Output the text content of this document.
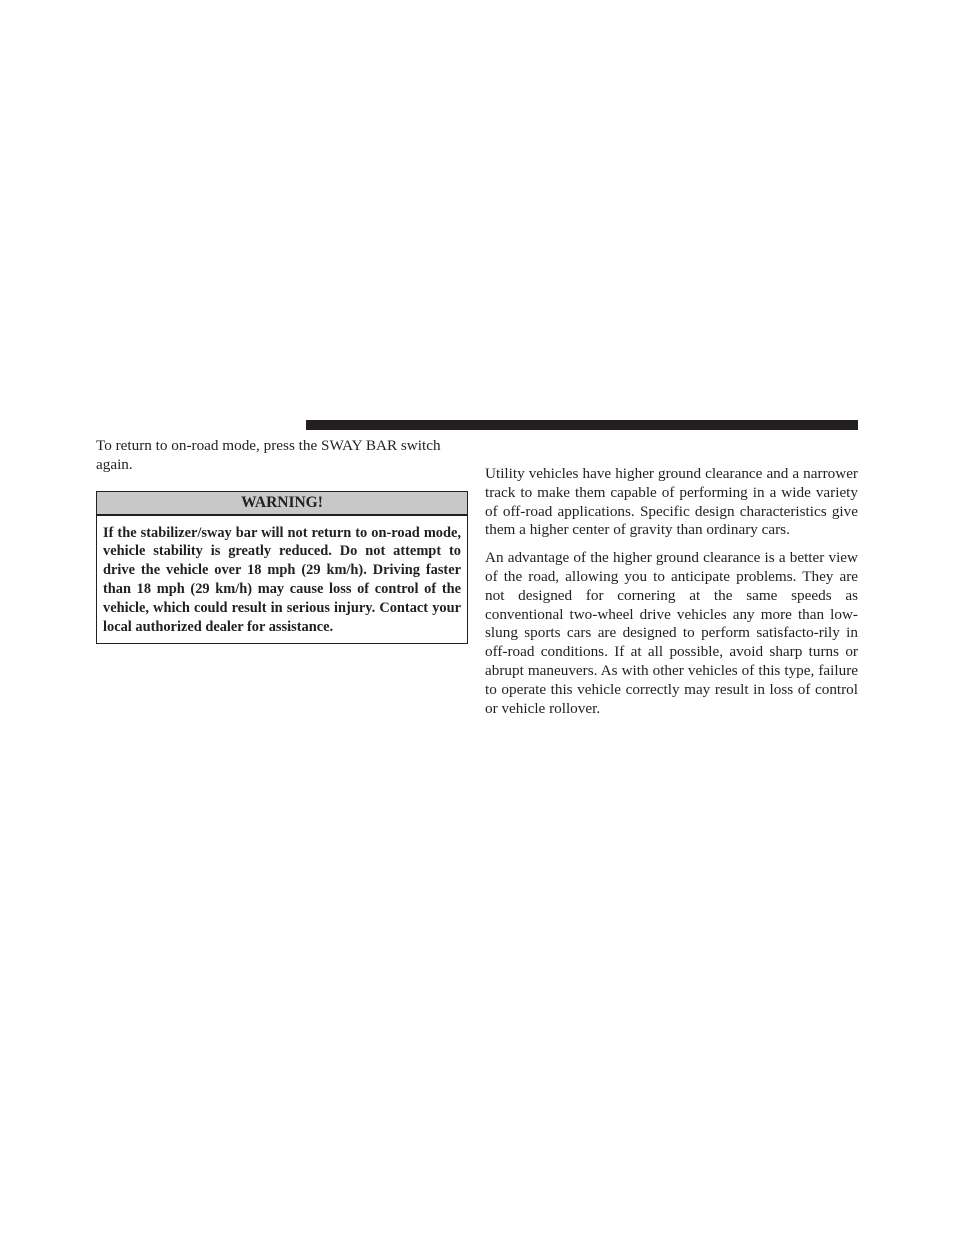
To return to on-road mode, press the SWAY BAR switch again.

WARNING!
If the stabilizer/sway bar will not return to on-road mode, vehicle stability is greatly reduced. Do not attempt to drive the vehicle over 18 mph (29 km/h). Driving faster than 18 mph (29 km/h) may cause loss of control of the vehicle, which could result in serious injury. Contact your local authorized dealer for assistance.

Utility vehicles have higher ground clearance and a narrower track to make them capable of performing in a wide variety of off-road applications. Specific design characteristics give them a higher center of gravity than ordinary cars.

An advantage of the higher ground clearance is a better view of the road, allowing you to anticipate problems. They are not designed for cornering at the same speeds as conventional two-wheel drive vehicles any more than low-slung sports cars are designed to perform satisfacto-rily in off-road conditions. If at all possible, avoid sharp turns or abrupt maneuvers. As with other vehicles of this type, failure to operate this vehicle correctly may result in loss of control or vehicle rollover.
